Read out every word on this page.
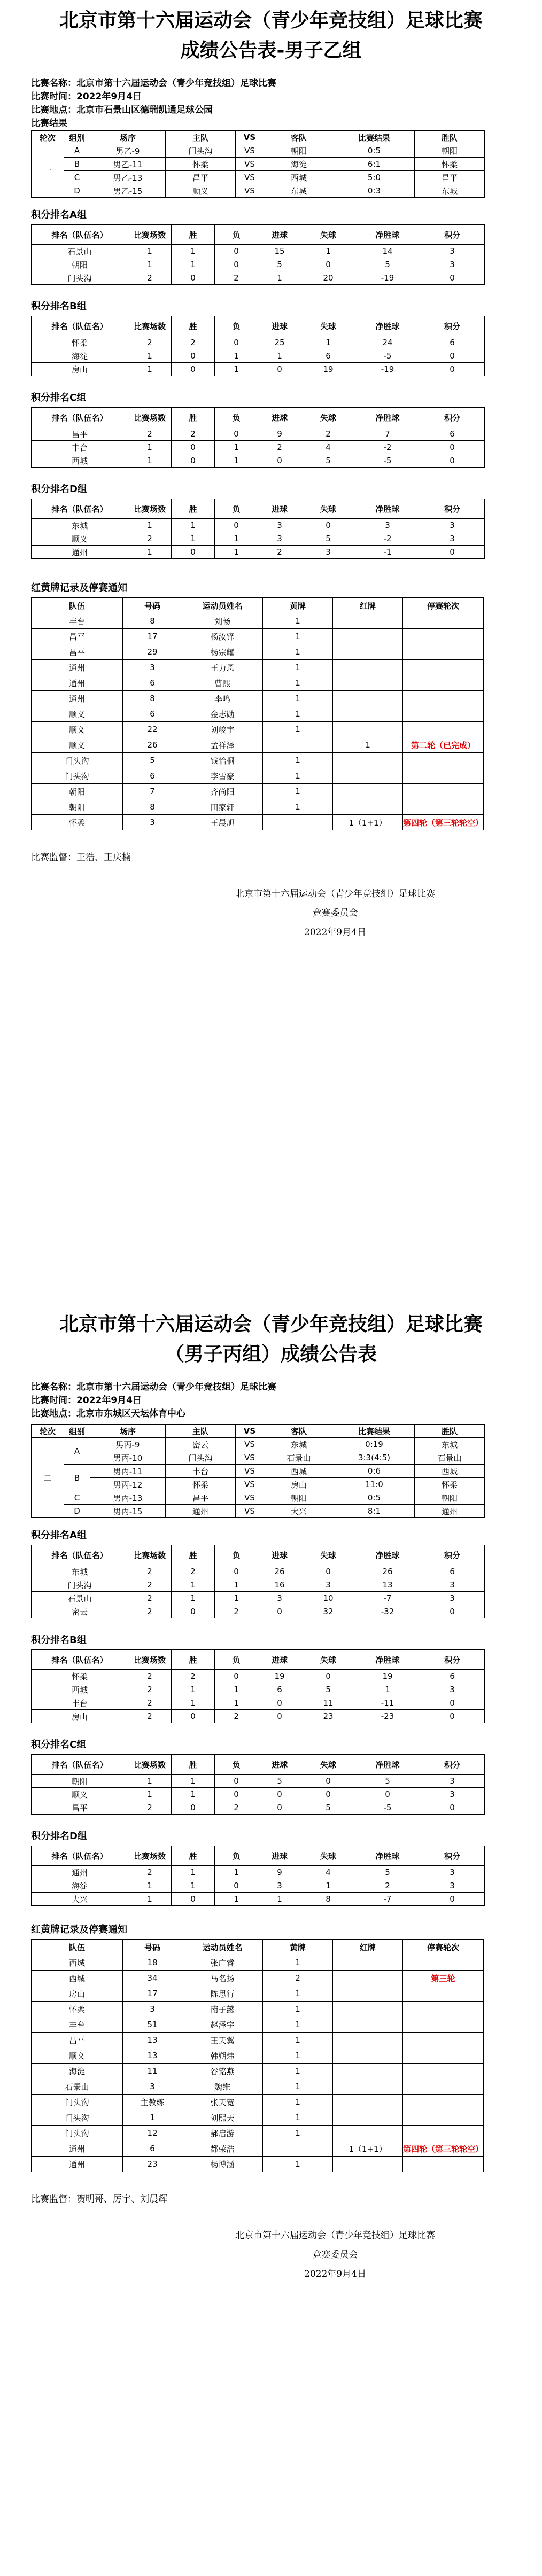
北京市第十六届运动会（青少年竞技组）足球比赛
成绩公告表-男子乙组
比赛名称：北京市第十六届运动会（青少年竞技组）足球比赛
比赛时间：2022年9月4日
比赛地点：北京市石景山区德瑞凯通足球公园
比赛结果
轮次	组别	场序	主队	VS	客队	比赛结果	胜队
一	A	男乙-9	门头沟	VS	朝阳	0:5	朝阳
	B	男乙-11	怀柔	VS	海淀	6:1	怀柔
	C	男乙-13	昌平	VS	西城	5:0	昌平
	D	男乙-15	顺义	VS	东城	0:3	东城
积分排名A组
排名（队伍名）	比赛场数	胜	负	进球	失球	净胜球	积分
石景山	1	1	0	15	1	14	3
朝阳	1	1	0	5	0	5	3
门头沟	2	0	2	1	20	-19	0
积分排名B组
排名（队伍名）	比赛场数	胜	负	进球	失球	净胜球	积分
怀柔	2	2	0	25	1	24	6
海淀	1	0	1	1	6	-5	0
房山	1	0	1	0	19	-19	0
积分排名C组
排名（队伍名）	比赛场数	胜	负	进球	失球	净胜球	积分
昌平	2	2	0	9	2	7	6
丰台	1	0	1	2	4	-2	0
西城	1	0	1	0	5	-5	0
积分排名D组
排名（队伍名）	比赛场数	胜	负	进球	失球	净胜球	积分
东城	1	1	0	3	0	3	3
顺义	2	1	1	3	5	-2	3
通州	1	0	1	2	3	-1	0
红黄牌记录及停赛通知
队伍	号码	运动员姓名	黄牌	红牌	停赛轮次
丰台	8	刘畅	1		
昌平	17	杨汝铎	1		
昌平	29	杨宗耀	1		
通州	3	王力恩	1		
通州	6	曹熙	1		
通州	8	李鸣	1		
顺义	6	金志勋	1		
顺义	22	刘峻宇	1		
顺义	26	孟祥泽		1	第二轮（已完成）
门头沟	5	钱怡桐	1		
门头沟	6	李雪豪	1		
朝阳	7	齐尚阳	1		
朝阳	8	田家轩	1		
怀柔	3	王晨旭		1（1+1）	第四轮（第三轮轮空）
比赛监督：王浩、王庆楠
北京市第十六届运动会（青少年竞技组）足球比赛
竞赛委员会
2022年9月4日
北京市第十六届运动会（青少年竞技组）足球比赛
（男子丙组）成绩公告表
比赛名称：北京市第十六届运动会（青少年竞技组）足球比赛
比赛时间：2022年9月4日
比赛地点：北京市东城区天坛体育中心
轮次	组别	场序	主队	VS	客队	比赛结果	胜队
二	A	男丙-9	密云	VS	东城	0:19	东城
		男丙-10	门头沟	VS	石景山	3:3(4:5)	石景山
	B	男丙-11	丰台	VS	西城	0:6	西城
		男丙-12	怀柔	VS	房山	11:0	怀柔
	C	男丙-13	昌平	VS	朝阳	0:5	朝阳
	D	男丙-15	通州	VS	大兴	8:1	通州
积分排名A组
排名（队伍名）	比赛场数	胜	负	进球	失球	净胜球	积分
东城	2	2	0	26	0	26	6
门头沟	2	1	1	16	3	13	3
石景山	2	1	1	3	10	-7	3
密云	2	0	2	0	32	-32	0
积分排名B组
排名（队伍名）	比赛场数	胜	负	进球	失球	净胜球	积分
怀柔	2	2	0	19	0	19	6
西城	2	1	1	6	5	1	3
丰台	2	1	1	0	11	-11	0
房山	2	0	2	0	23	-23	0
积分排名C组
排名（队伍名）	比赛场数	胜	负	进球	失球	净胜球	积分
朝阳	1	1	0	5	0	5	3
顺义	1	1	0	0	0	0	3
昌平	2	0	2	0	5	-5	0
积分排名D组
排名（队伍名）	比赛场数	胜	负	进球	失球	净胜球	积分
通州	2	1	1	9	4	5	3
海淀	1	1	0	3	1	2	3
大兴	1	0	1	1	8	-7	0
红黄牌记录及停赛通知
队伍	号码	运动员姓名	黄牌	红牌	停赛轮次
西城	18	张广睿	1		
西城	34	马名扬	2		第三轮
房山	17	陈思行	1		
怀柔	3	南子懿	1		
丰台	51	赵泽宇	1		
昌平	13	王天翼	1		
顺义	13	韩朔炜	1		
海淀	11	谷铭燕	1		
石景山	3	魏维	1		
门头沟	主教练	张天宽	1		
门头沟	1	刘熙天	1		
门头沟	12	郝启游	1		
通州	6	都荣浩		1（1+1）	第四轮（第三轮轮空）
通州	23	杨博涵	1		
比赛监督：贺明哥、厉宇、刘晨辉
北京市第十六届运动会（青少年竞技组）足球比赛
竞赛委员会
2022年9月4日
